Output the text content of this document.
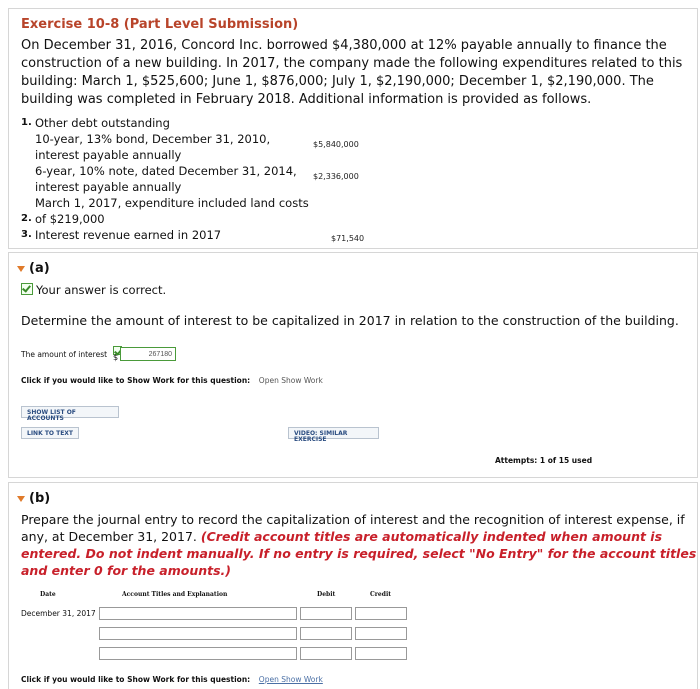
Exercise 10-8 (Part Level Submission)

On December 31, 2016, Concord Inc. borrowed $4,380,000 at 12% payable annually to finance the construction of a new building. In 2017, the company made the following expenditures related to this building: March 1, $525,600; June 1, $876,000; July 1, $2,190,000; December 1, $2,190,000. The building was completed in February 2018. Additional information is provided as follows.

1. Other debt outstanding
10-year, 13% bond, December 31, 2010,
interest payable annually
$5,840,000
6-year, 10% note, dated December 31, 2014,
interest payable annually
$2,336,000
March 1, 2017, expenditure included land costs
2. of $219,000
3. Interest revenue earned in 2017	$71,540
(a)
Your answer is correct.
Determine the amount of interest to be capitalized in 2017 in relation to the construction of the building.
The amount of interest $
267180
Click if you would like to Show Work for this question: Open Show Work
SHOW LIST OF ACCOUNTS
LINK TO TEXT	VIDEO: SIMILAR EXERCISE
Attempts: 1 of 15 used
(b)

Prepare the journal entry to record the capitalization of interest and the recognition of interest expense, if any, at December 31, 2017. (Credit account titles are automatically indented when amount is entered. Do not indent manually. If no entry is required, select "No Entry" for the account titles and enter 0 for the amounts.)

Date	Account Titles and Explanation	Debit	Credit
December 31, 2017
Click if you would like to Show Work for this question: Open Show Work
